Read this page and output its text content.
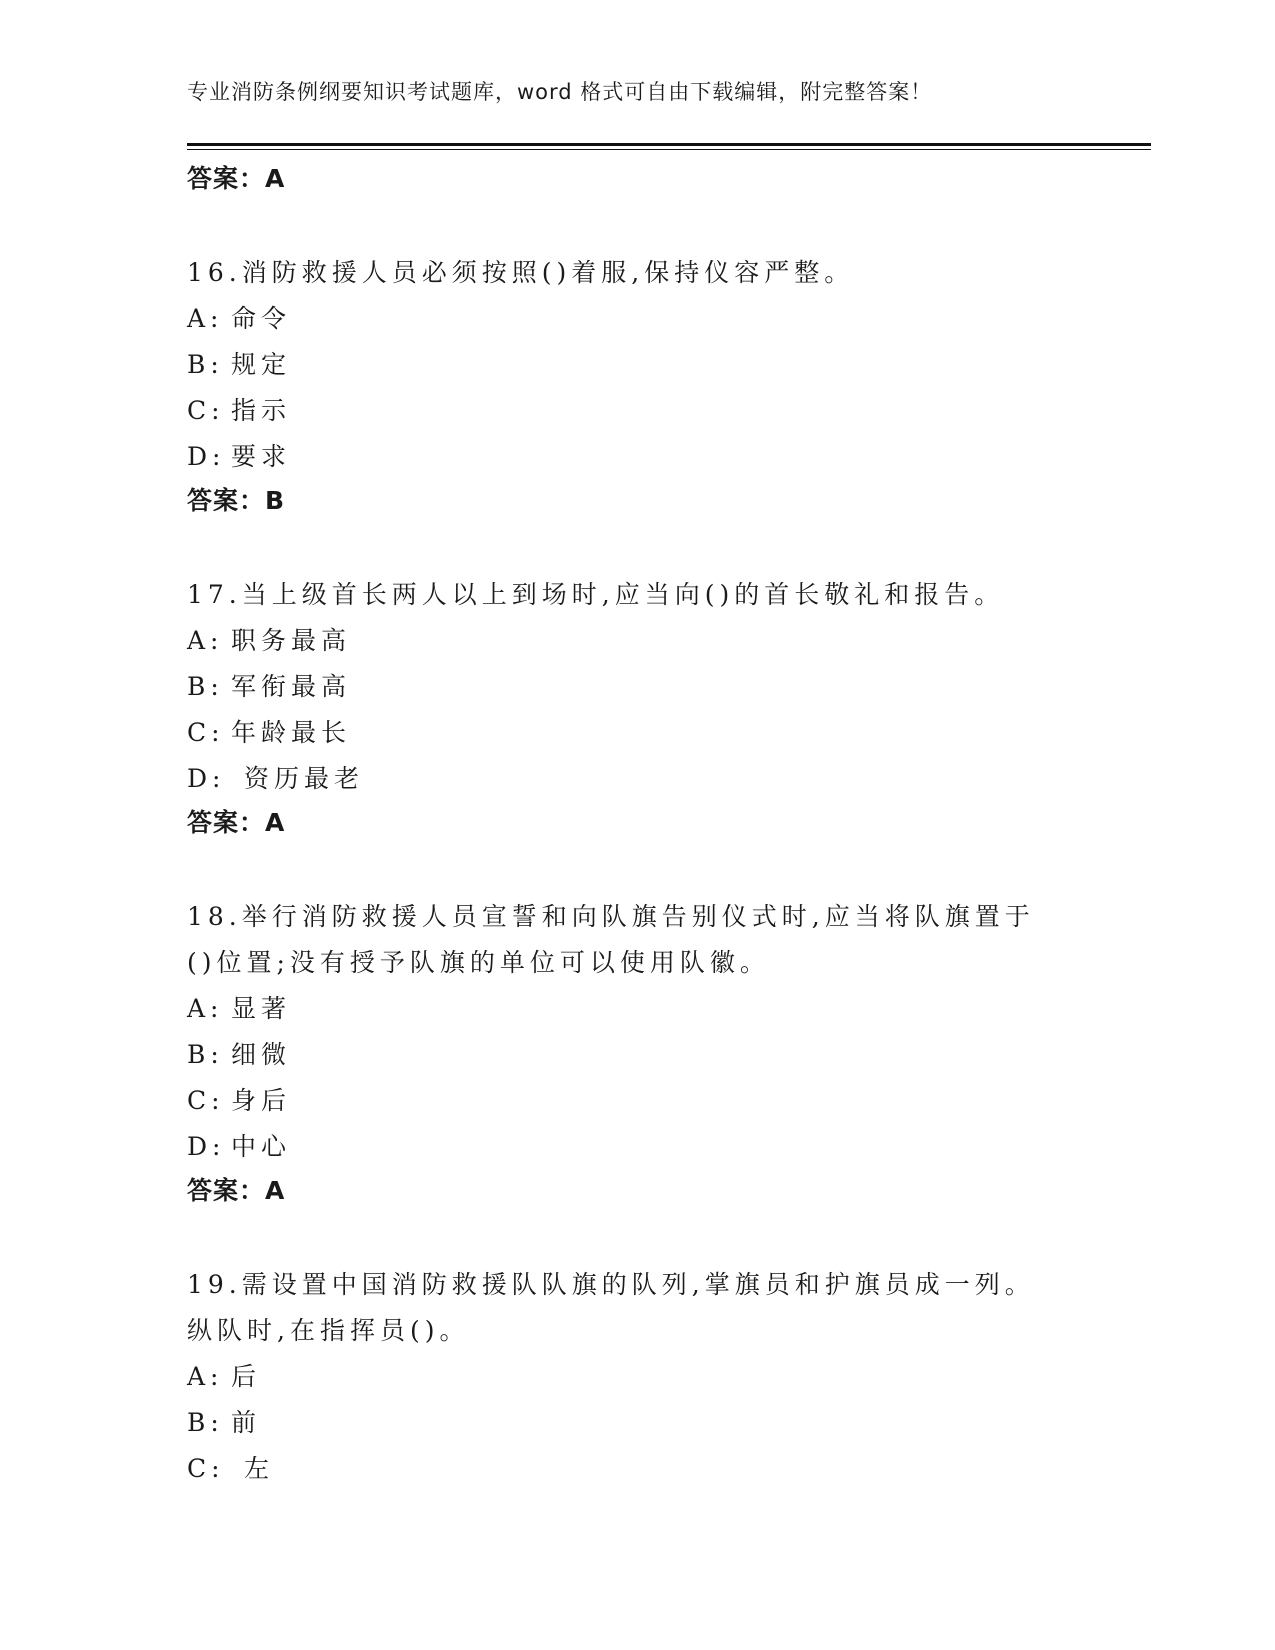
专业消防条例纲要知识考试题库，word 格式可自由下载编辑，附完整答案！
答案：A
16.消防救援人员必须按照()着服,保持仪容严整。
A: 命令
B: 规定
C: 指示
D: 要求
答案：B
17.当上级首长两人以上到场时,应当向()的首长敬礼和报告。
A: 职务最高
B: 军衔最高
C: 年龄最长
D: 资历最老
答案：A
18.举行消防救援人员宣誓和向队旗告别仪式时,应当将队旗置于()位置;没有授予队旗的单位可以使用队徽。
A: 显著
B: 细微
C: 身后
D: 中心
答案：A
19.需设置中国消防救援队队旗的队列,掌旗员和护旗员成一列。纵队时,在指挥员()。
A: 后
B: 前
C: 左
